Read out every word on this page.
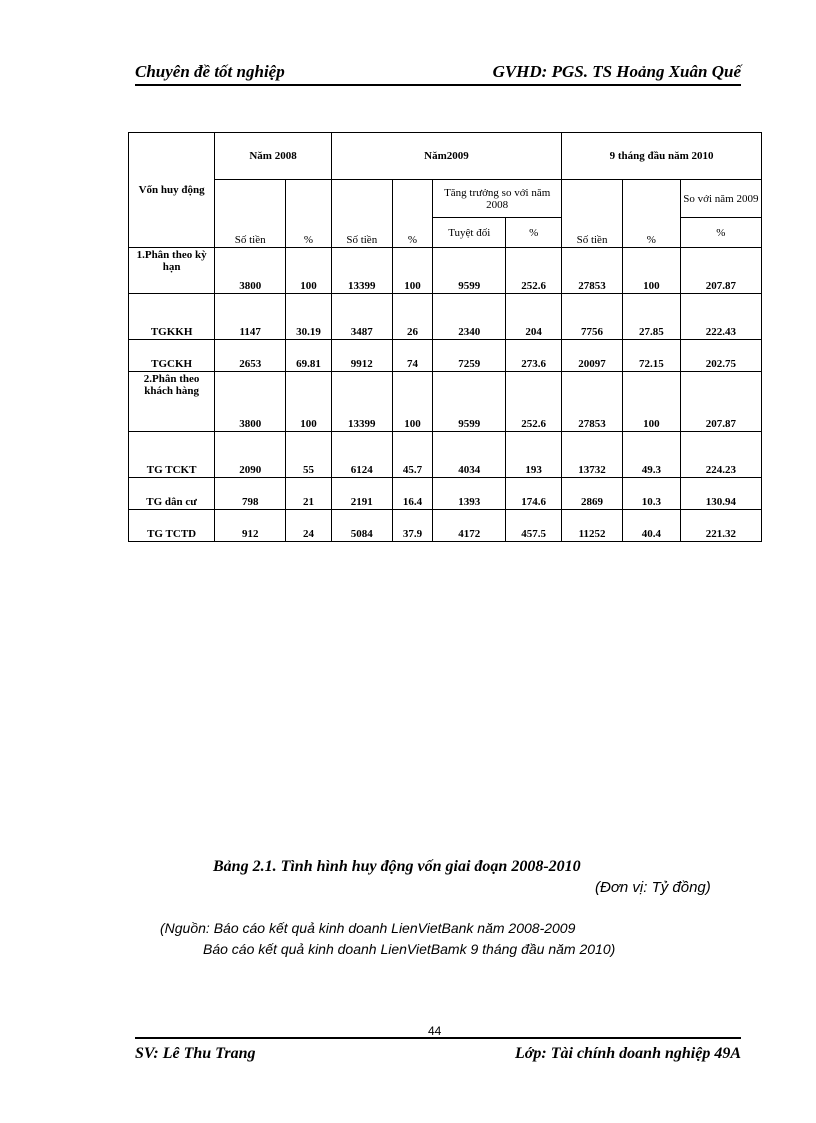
Chuyên đề tốt nghiệp	GVHD: PGS. TS Hoảng Xuân Quế
Vốn huy động	Năm 2008		Năm2009				9 tháng đầu năm 2010		
	Số tiền	%	Số tiền	%	Tăng trưởng so với năm 2008		Số tiền	%	So với năm 2009
					Tuyệt đối	%			%
1.Phân theo kỳ hạn	3800	100	13399	100	9599	252.6	27853	100	207.87
TGKKH	1147	30.19	3487	26	2340	204	7756	27.85	222.43
TGCKH	2653	69.81	9912	74	7259	273.6	20097	72.15	202.75
2.Phân theo khách hàng	3800	100	13399	100	9599	252.6	27853	100	207.87
TG TCKT	2090	55	6124	45.7	4034	193	13732	49.3	224.23
TG dân cư	798	21	2191	16.4	1393	174.6	2869	10.3	130.94
TG TCTD	912	24	5084	37.9	4172	457.5	11252	40.4	221.32
Bảng 2.1. Tình hình huy động vốn giai đoạn 2008-2010
(Đơn vị: Tỷ đồng)
(Nguồn: Báo cáo kết quả kinh doanh LienVietBank năm 2008-2009
Báo cáo kết quả kinh doanh LienVietBamk 9 tháng đầu năm 2010)
44
SV: Lê Thu Trang	Lớp: Tài chính doanh nghiệp 49A
